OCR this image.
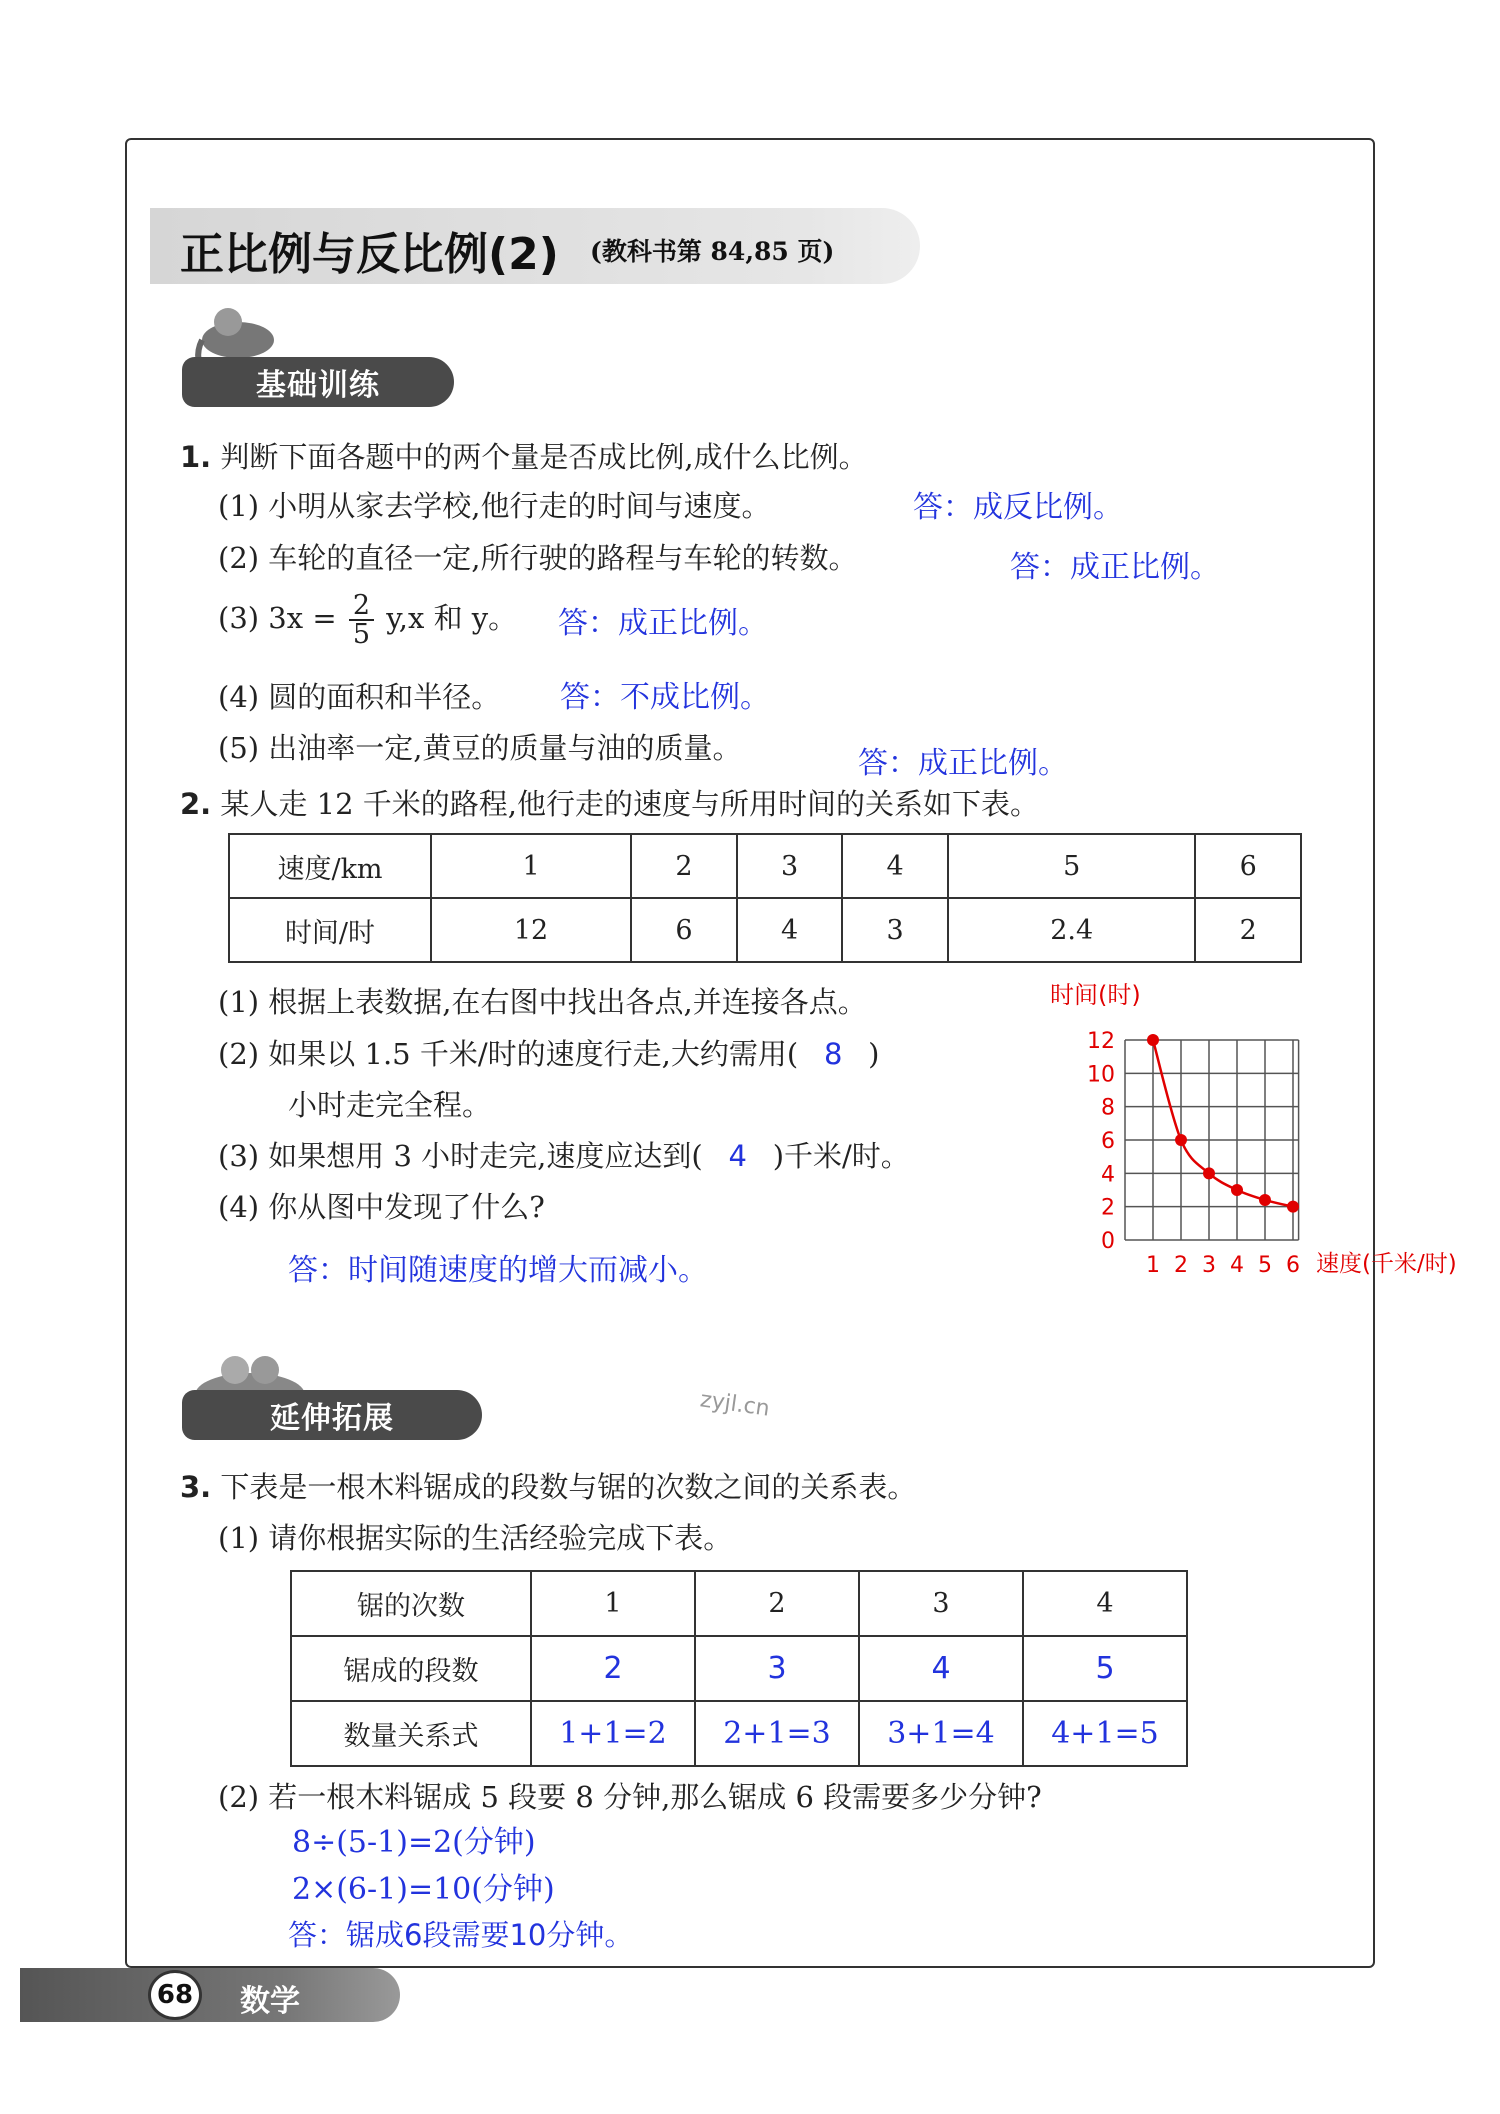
正比例与反比例(2) (教科书第 84,85 页)
基础训练
1. 判断下面各题中的两个量是否成比例,成什么比例。
(1) 小明从家去学校,他行走的时间与速度。	答：成反比例。
(2) 车轮的直径一定,所行驶的路程与车轮的转数。	答：成正比例。
(3) $3x = \frac{2}{5} y,x$ 和 y。 答：成正比例。
(4) 圆的面积和半径。 答：不成比例。
(5) 出油率一定,黄豆的质量与油的质量。	答：成正比例。
2. 某人走 12 千米的路程,他行走的速度与所用时间的关系如下表。
速度/km	1	2	3	4	5	6
时间/时	12	6	4	3	2.4	2
(1) 根据上表数据,在右图中找出各点,并连接各点。
(2) 如果以 1.5 千米/时的速度行走,大约需用( 8 )
小时走完全程。
(3) 如果想用 3 小时走完,速度应达到( 4 )千米/时。
(4) 你从图中发现了什么?
答：时间随速度的增大而减小。
时间(时)
0
2
4
6
8
10
12
1 2 3 4 5 6 速度(千米/时)
延伸拓展	zyjl.cn
3. 下表是一根木料锯成的段数与锯的次数之间的关系表。
(1) 请你根据实际的生活经验完成下表。
锯的次数	1	2	3	4
锯成的段数	2	3	4	5
数量关系式	1+1=2	2+1=3	3+1=4	4+1=5
(2) 若一根木料锯成 5 段要 8 分钟,那么锯成 6 段需要多少分钟?
8÷(5-1)=2(分钟)
2×(6-1)=10(分钟)
答：锯成6段需要10分钟。
68 数学
